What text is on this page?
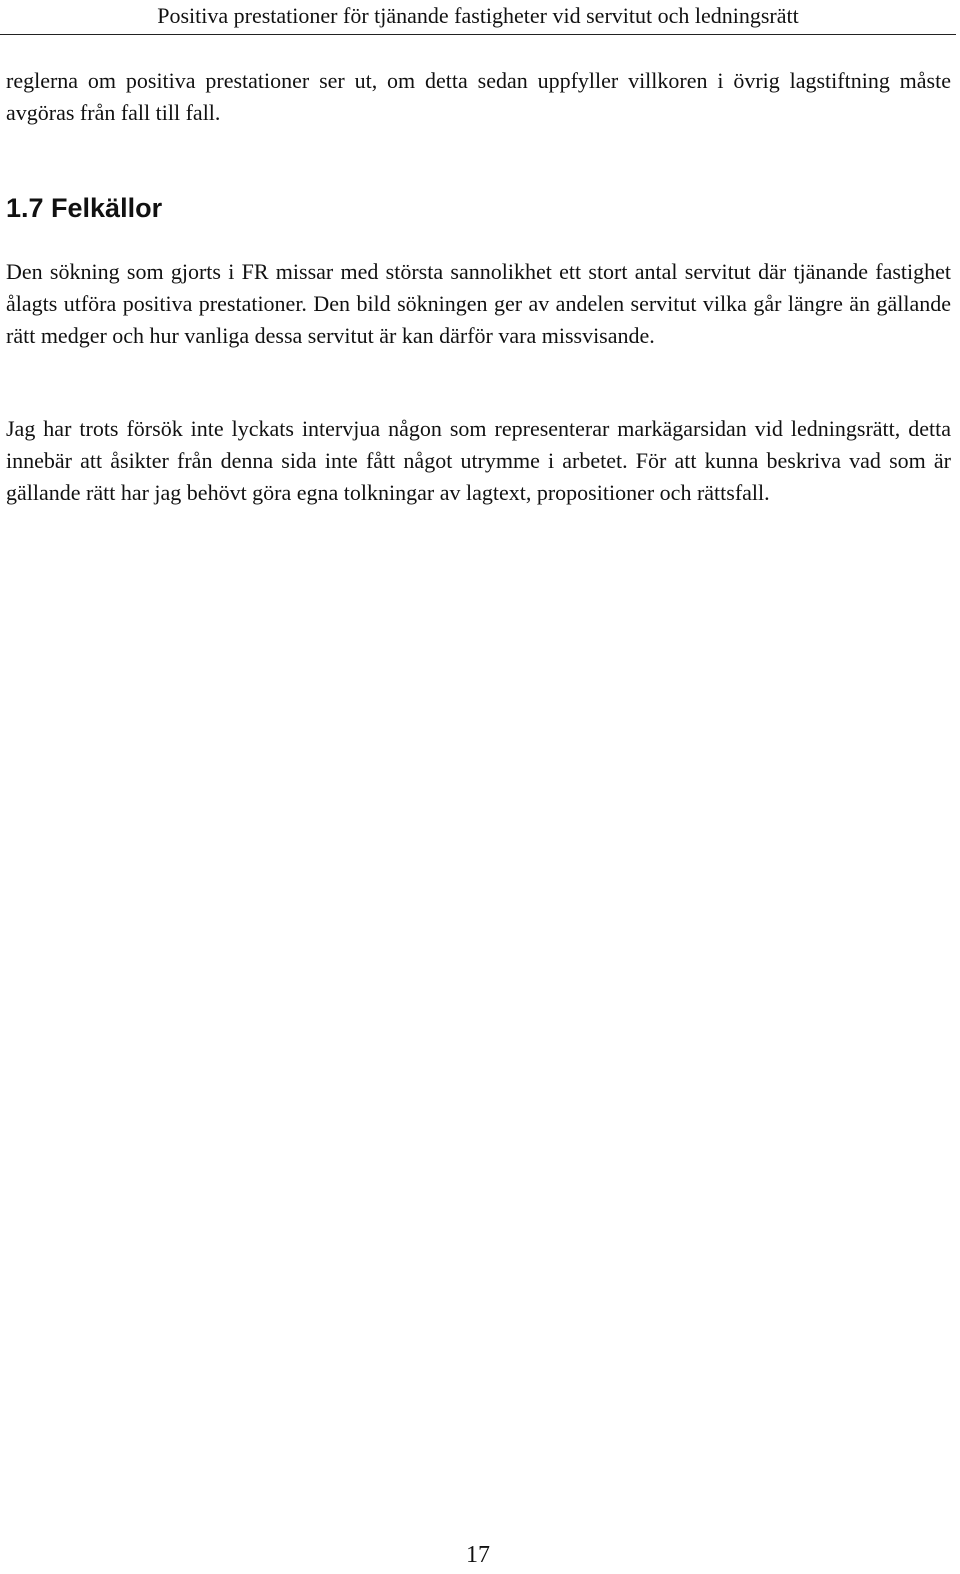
Positiva prestationer för tjänande fastigheter vid servitut och ledningsrätt

reglerna om positiva prestationer ser ut, om detta sedan uppfyller villkoren i övrig lagstiftning måste avgöras från fall till fall.

1.7 Felkällor

Den sökning som gjorts i FR missar med största sannolikhet ett stort antal servitut där tjänande fastighet ålagts utföra positiva prestationer. Den bild sökningen ger av andelen servitut vilka går längre än gällande rätt medger och hur vanliga dessa servitut är kan därför vara missvisande.

Jag har trots försök inte lyckats intervjua någon som representerar markägarsidan vid ledningsrätt, detta innebär att åsikter från denna sida inte fått något utrymme i arbetet. För att kunna beskriva vad som är gällande rätt har jag behövt göra egna tolkningar av lagtext, propositioner och rättsfall.

17
